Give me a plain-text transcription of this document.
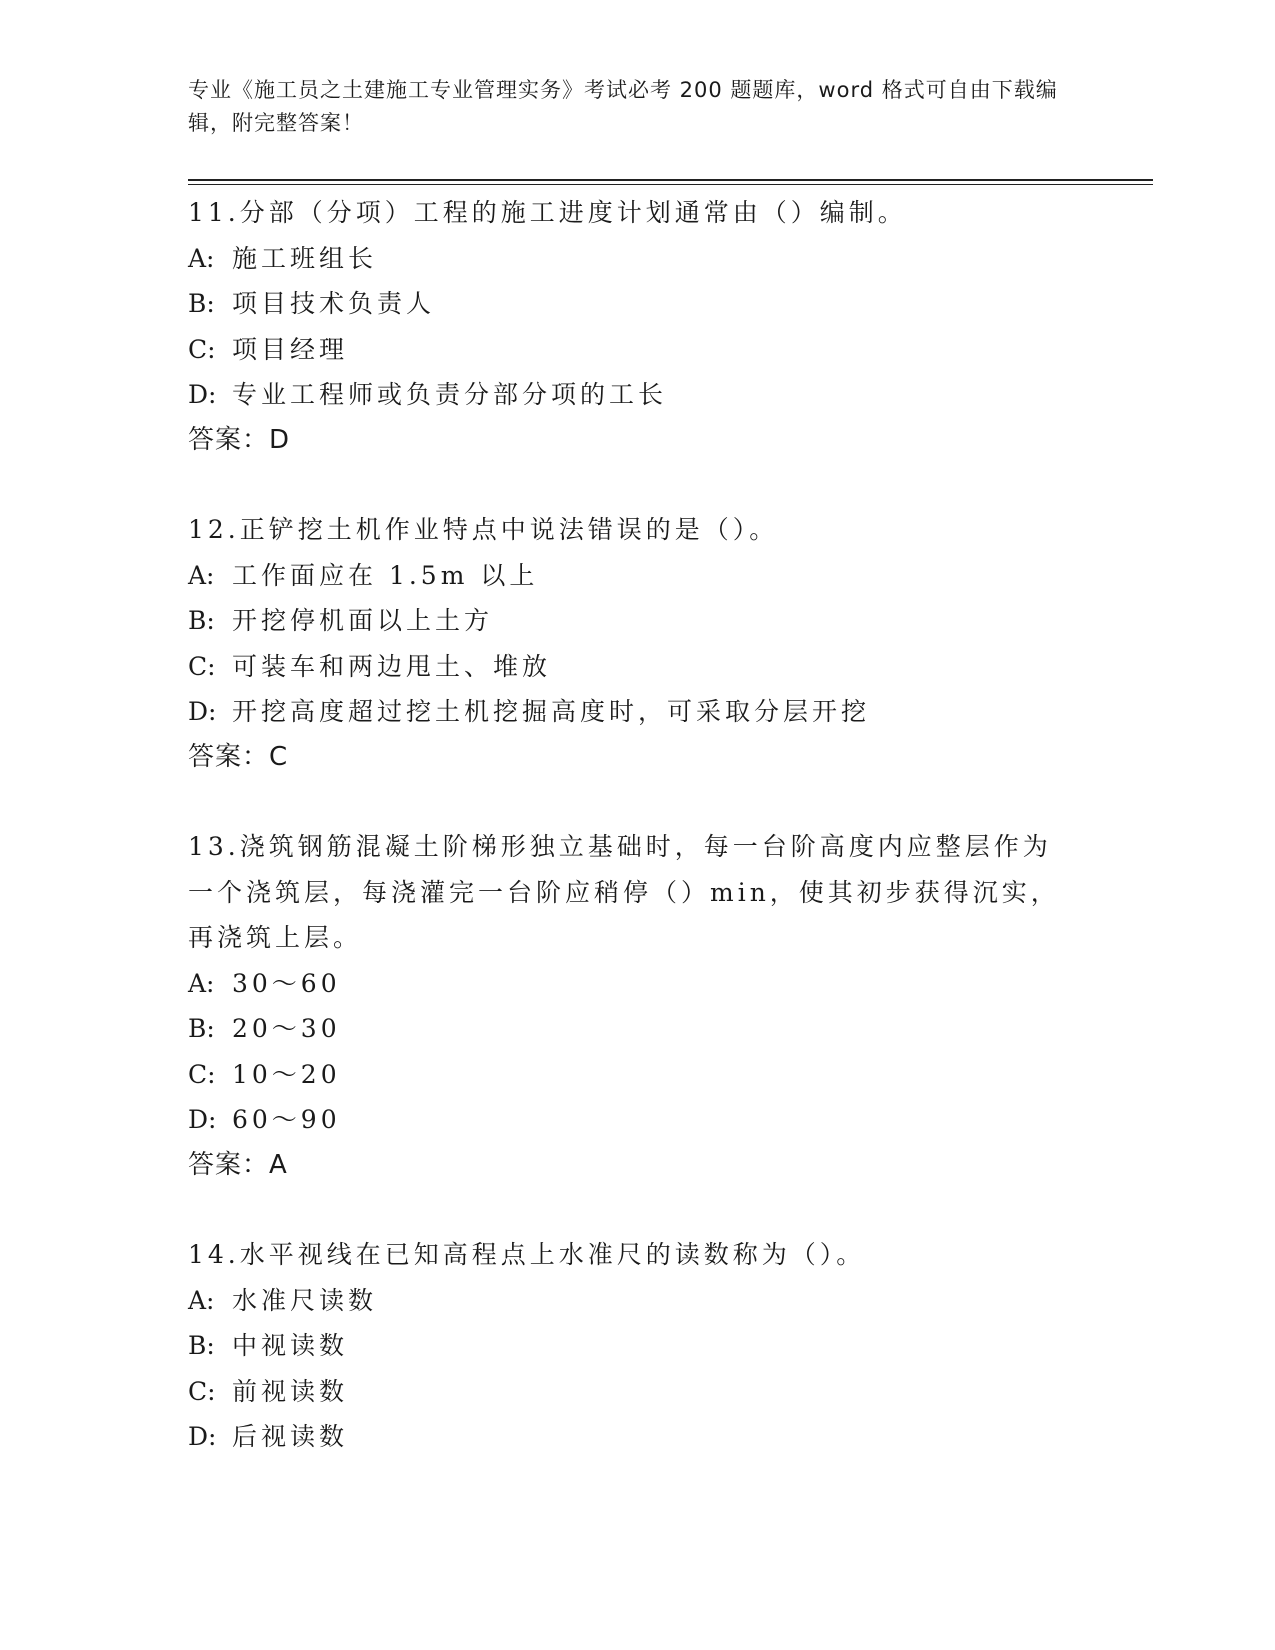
专业《施工员之土建施工专业管理实务》考试必考 200 题题库，word 格式可自由下载编辑，附完整答案！
11.分部（分项）工程的施工进度计划通常由（）编制。
A: 施工班组长
B: 项目技术负责人
C: 项目经理
D: 专业工程师或负责分部分项的工长
答案：D
12.正铲挖土机作业特点中说法错误的是（）。
A: 工作面应在 1.5m 以上
B: 开挖停机面以上土方
C: 可装车和两边甩土、堆放
D: 开挖高度超过挖土机挖掘高度时，可采取分层开挖
答案：C
13.浇筑钢筋混凝土阶梯形独立基础时，每一台阶高度内应整层作为一个浇筑层，每浇灌完一台阶应稍停（）min，使其初步获得沉实，再浇筑上层。
A: 30～60
B: 20～30
C: 10～20
D: 60～90
答案：A
14.水平视线在已知高程点上水准尺的读数称为（）。
A: 水准尺读数
B: 中视读数
C: 前视读数
D: 后视读数
